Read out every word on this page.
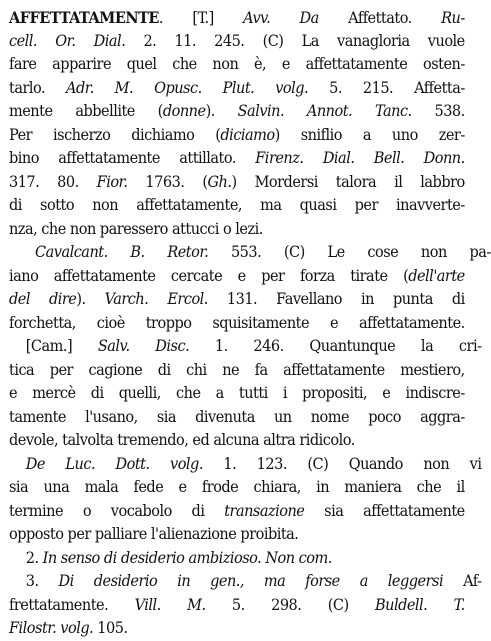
AFFETTATAMENTE. [T.] Avv. Da Affettato. Ru-
cell. Or. Dial. 2. 11. 245. (C) La vanagloria vuole
fare apparire quel che non è, e affettatamente osten-
tarlo. Adr. M. Opusc. Plut. volg. 5. 215. Affetta-
mente abbellite (donne). Salvin. Annot. Tanc. 538.
Per ischerzo dichiamo (diciamo) sniflio a uno zer-
bino affettatamente attillato. Firenz. Dial. Bell. Donn.
317. 80. Fior. 1763. (Gh.) Mordersi talora il labbro
di sotto non affettatamente, ma quasi per inavverte-
nza, che non paressero attucci o lezi.
Cavalcant. B. Retor. 553. (C) Le cose non pa-
iano affettatamente cercate e per forza tirate (dell'arte
del dire). Varch. Ercol. 131. Favellano in punta di
forchetta, cioè troppo squisitamente e affettatamente.
[Cam.] Salv. Disc. 1. 246. Quantunque la cri-
tica per cagione di chi ne fa affettatamente mestiero,
e mercè di quelli, che a tutti i propositi, e indiscre-
tamente l'usano, sia divenuta un nome poco aggra-
devole, talvolta tremendo, ed alcuna altra ridicolo.
De Luc. Dott. volg. 1. 123. (C) Quando non vi
sia una mala fede e frode chiara, in maniera che il
termine o vocabolo di transazione sia affettatamente
opposto per palliare l'alienazione proibita.
2. In senso di desiderio ambizioso. Non com.
3. Di desiderio in gen., ma forse a leggersi Af-
frettatamente. Vill. M. 5. 298. (C) Buldell. T.
Filostr. volg. 105.
